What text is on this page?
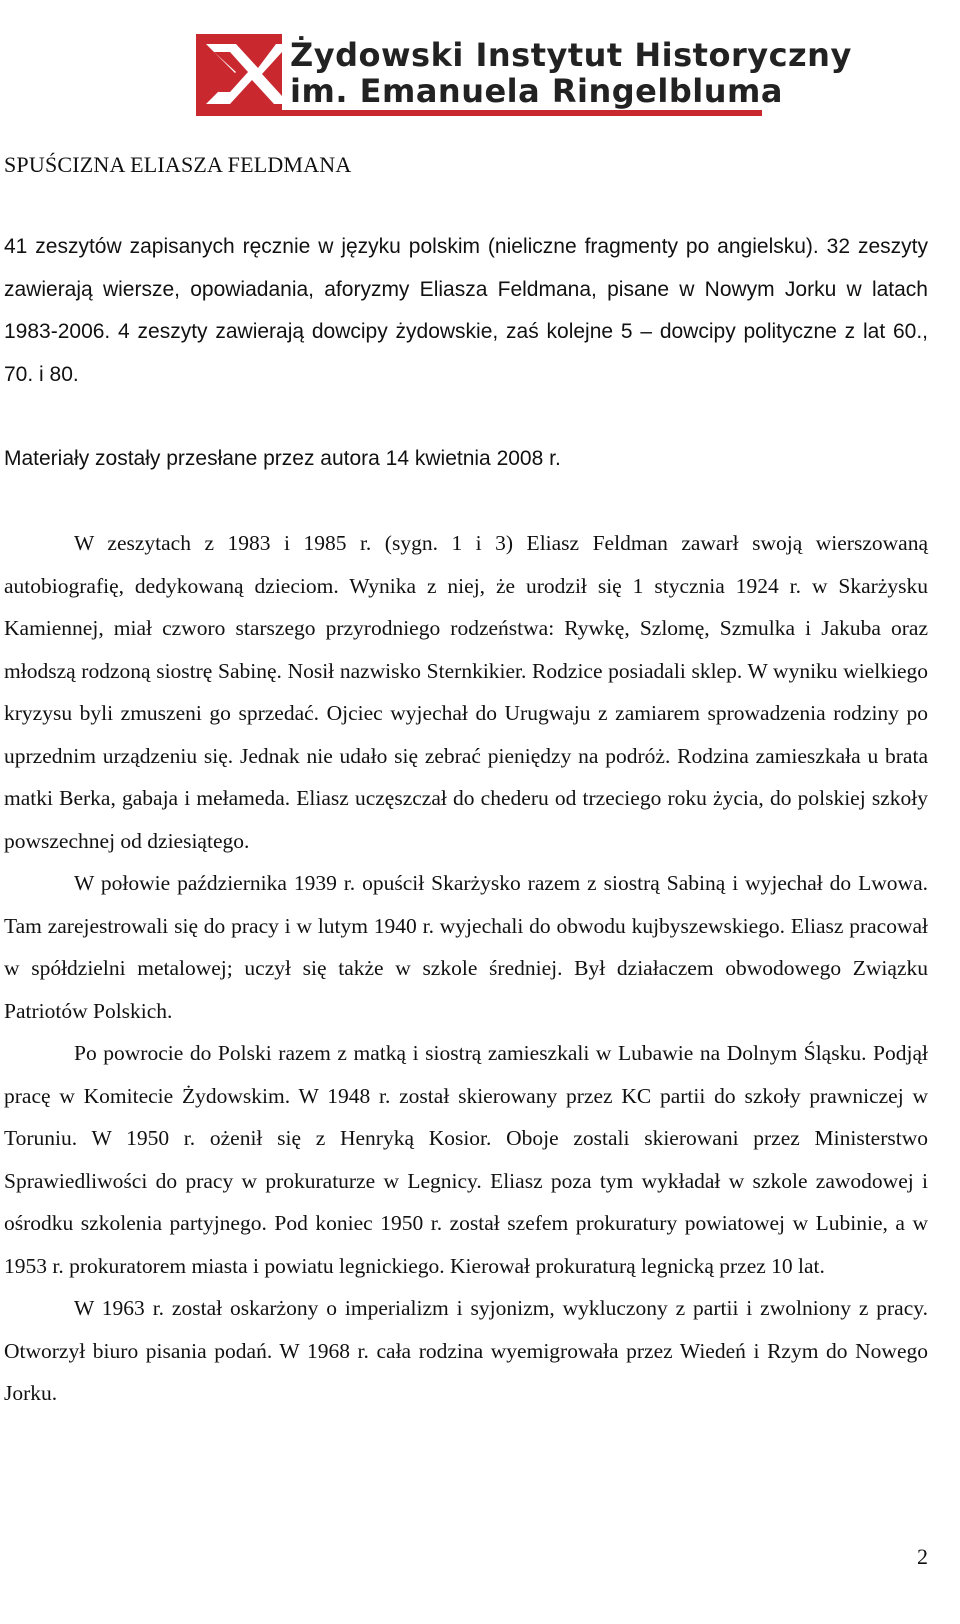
Żydowski Instytut Historyczny
im. Emanuela Ringelbluma
SPUŚCIZNA ELIASZA FELDMANA

41 zeszytów zapisanych ręcznie w języku polskim (nieliczne fragmenty po angielsku). 32 zeszyty zawierają wiersze, opowiadania, aforyzmy Eliasza Feldmana, pisane w Nowym Jorku w latach 1983-2006. 4 zeszyty zawierają dowcipy żydowskie, zaś kolejne 5 – dowcipy polityczne z lat 60., 70. i 80.

Materiały zostały przesłane przez autora 14 kwietnia 2008 r.

W zeszytach z 1983 i 1985 r. (sygn. 1 i 3) Eliasz Feldman zawarł swoją wierszowaną autobiografię, dedykowaną dzieciom. Wynika z niej, że urodził się 1 stycznia 1924 r. w Skarżysku Kamiennej, miał czworo starszego przyrodniego rodzeństwa: Rywkę, Szlomę, Szmulka i Jakuba oraz młodszą rodzoną siostrę Sabinę. Nosił nazwisko Sternkikier. Rodzice posiadali sklep. W wyniku wielkiego kryzysu byli zmuszeni go sprzedać. Ojciec wyjechał do Urugwaju z zamiarem sprowadzenia rodziny po uprzednim urządzeniu się. Jednak nie udało się zebrać pieniędzy na podróż. Rodzina zamieszkała u brata matki Berka, gabaja i mełameda. Eliasz uczęszczał do chederu od trzeciego roku życia, do polskiej szkoły powszechnej od dziesiątego.

W połowie października 1939 r. opuścił Skarżysko razem z siostrą Sabiną i wyjechał do Lwowa. Tam zarejestrowali się do pracy i w lutym 1940 r. wyjechali do obwodu kujbyszewskiego. Eliasz pracował w spółdzielni metalowej; uczył się także w szkole średniej. Był działaczem obwodowego Związku Patriotów Polskich.

Po powrocie do Polski razem z matką i siostrą zamieszkali w Lubawie na Dolnym Śląsku. Podjął pracę w Komitecie Żydowskim. W 1948 r. został skierowany przez KC partii do szkoły prawniczej w Toruniu. W 1950 r. ożenił się z Henryką Kosior. Oboje zostali skierowani przez Ministerstwo Sprawiedliwości do pracy w prokuraturze w Legnicy. Eliasz poza tym wykładał w szkole zawodowej i ośrodku szkolenia partyjnego. Pod koniec 1950 r. został szefem prokuratury powiatowej w Lubinie, a w 1953 r. prokuratorem miasta i powiatu legnickiego. Kierował prokuraturą legnicką przez 10 lat.

W 1963 r. został oskarżony o imperializm i syjonizm, wykluczony z partii i zwolniony z pracy. Otworzył biuro pisania podań. W 1968 r. cała rodzina wyemigrowała przez Wiedeń i Rzym do Nowego Jorku.

2
